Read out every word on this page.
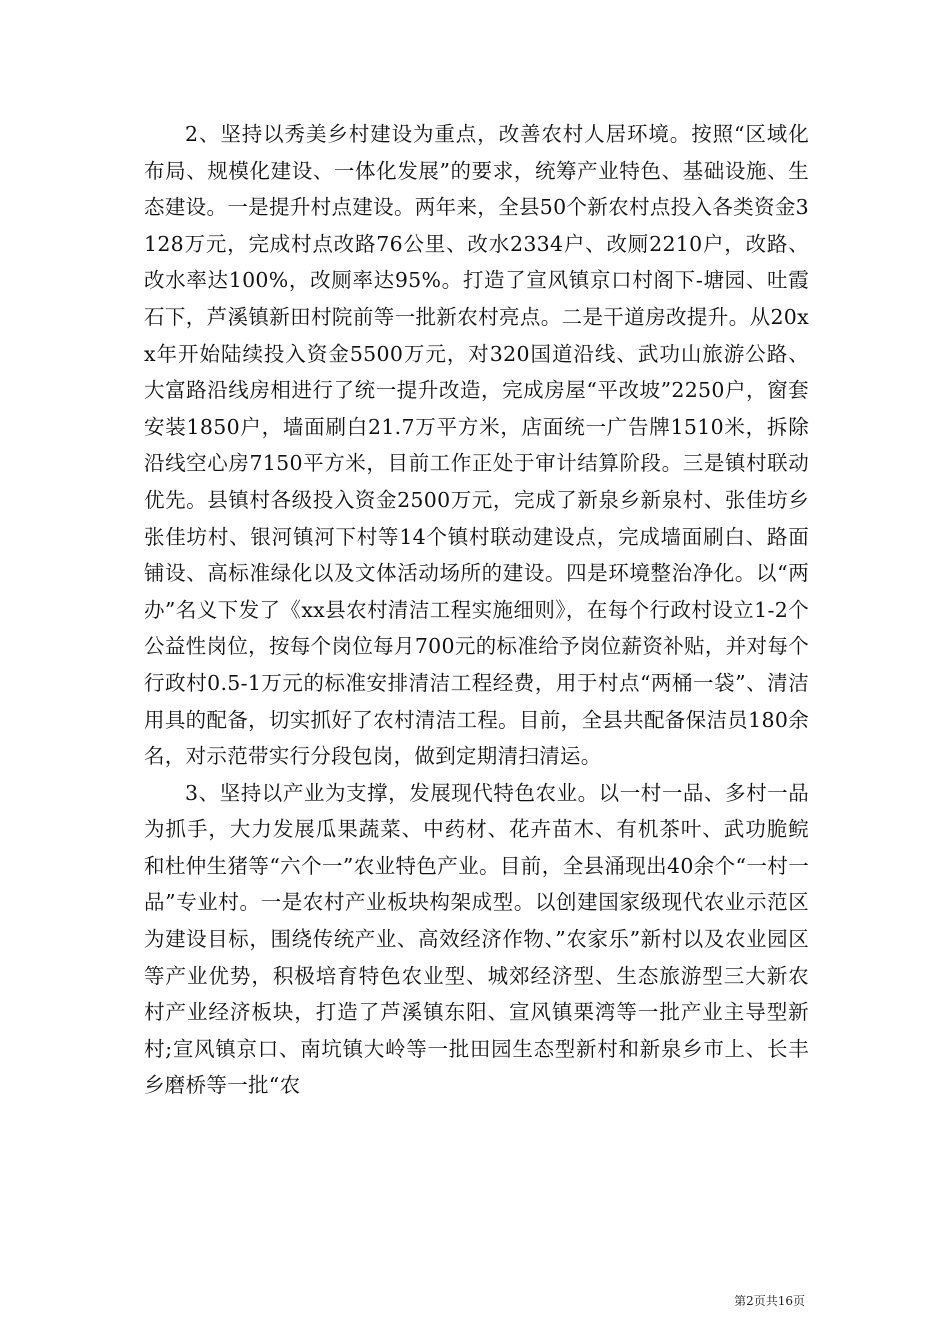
2、坚持以秀美乡村建设为重点，改善农村人居环境。按照“区域化布局、规模化建设、一体化发展”的要求，统筹产业特色、基础设施、生态建设。一是提升村点建设。两年来，全县50个新农村点投入各类资金3128万元，完成村点改路76公里、改水2334户、改厕2210户，改路、改水率达100%，改厕率达95%。打造了宣风镇京口村阁下-塘园、吐霞石下，芦溪镇新田村院前等一批新农村亮点。二是干道房改提升。从20xx年开始陆续投入资金5500万元，对320国道沿线、武功山旅游公路、大富路沿线房相进行了统一提升改造，完成房屋“平改坡”2250户，窗套安装1850户，墙面刷白21.7万平方米，店面统一广告牌1510米，拆除沿线空心房7150平方米，目前工作正处于审计结算阶段。三是镇村联动优先。县镇村各级投入资金2500万元，完成了新泉乡新泉村、张佳坊乡张佳坊村、银河镇河下村等14个镇村联动建设点，完成墙面刷白、路面铺设、高标准绿化以及文体活动场所的建设。四是环境整治净化。以“两办”名义下发了《xx县农村清洁工程实施细则》，在每个行政村设立1-2个公益性岗位，按每个岗位每月700元的标准给予岗位薪资补贴，并对每个行政村0.5-1万元的标准安排清洁工程经费，用于村点“两桶一袋”、清洁用具的配备，切实抓好了农村清洁工程。目前，全县共配备保洁员180余名，对示范带实行分段包岗，做到定期清扫清运。

3、坚持以产业为支撑，发展现代特色农业。以一村一品、多村一品为抓手，大力发展瓜果蔬菜、中药材、花卉苗木、有机茶叶、武功脆鲩和杜仲生猪等“六个一”农业特色产业。目前，全县涌现出40余个“一村一品”专业村。一是农村产业板块构架成型。以创建国家级现代农业示范区为建设目标，围绕传统产业、高效经济作物、”农家乐”新村以及农业园区等产业优势，积极培育特色农业型、城郊经济型、生态旅游型三大新农村产业经济板块，打造了芦溪镇东阳、宣风镇栗湾等一批产业主导型新村;宣风镇京口、南坑镇大岭等一批田园生态型新村和新泉乡市上、长丰乡磨桥等一批“农

第2页共16页
